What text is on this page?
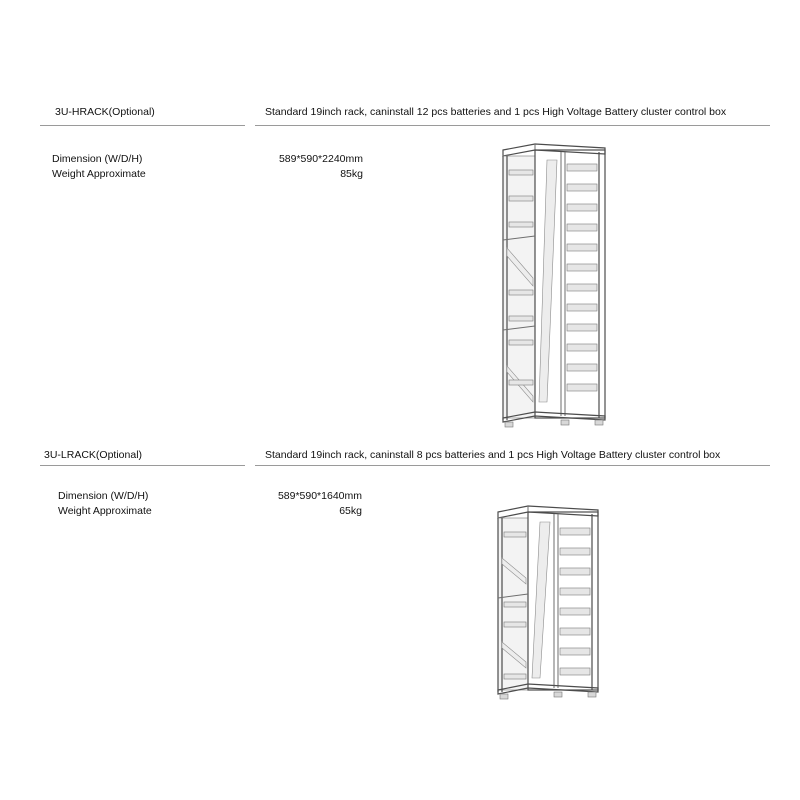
3U-HRACK(Optional)	Standard 19inch rack, caninstall 12 pcs batteries and 1 pcs High Voltage Battery cluster control box
Dimension (W/D/H)
Weight Approximate
589*590*2240mm
85kg
3U-LRACK(Optional)	Standard 19inch rack, caninstall 8 pcs batteries and 1 pcs High Voltage Battery cluster control box
Dimension (W/D/H)
Weight Approximate
589*590*1640mm
65kg
